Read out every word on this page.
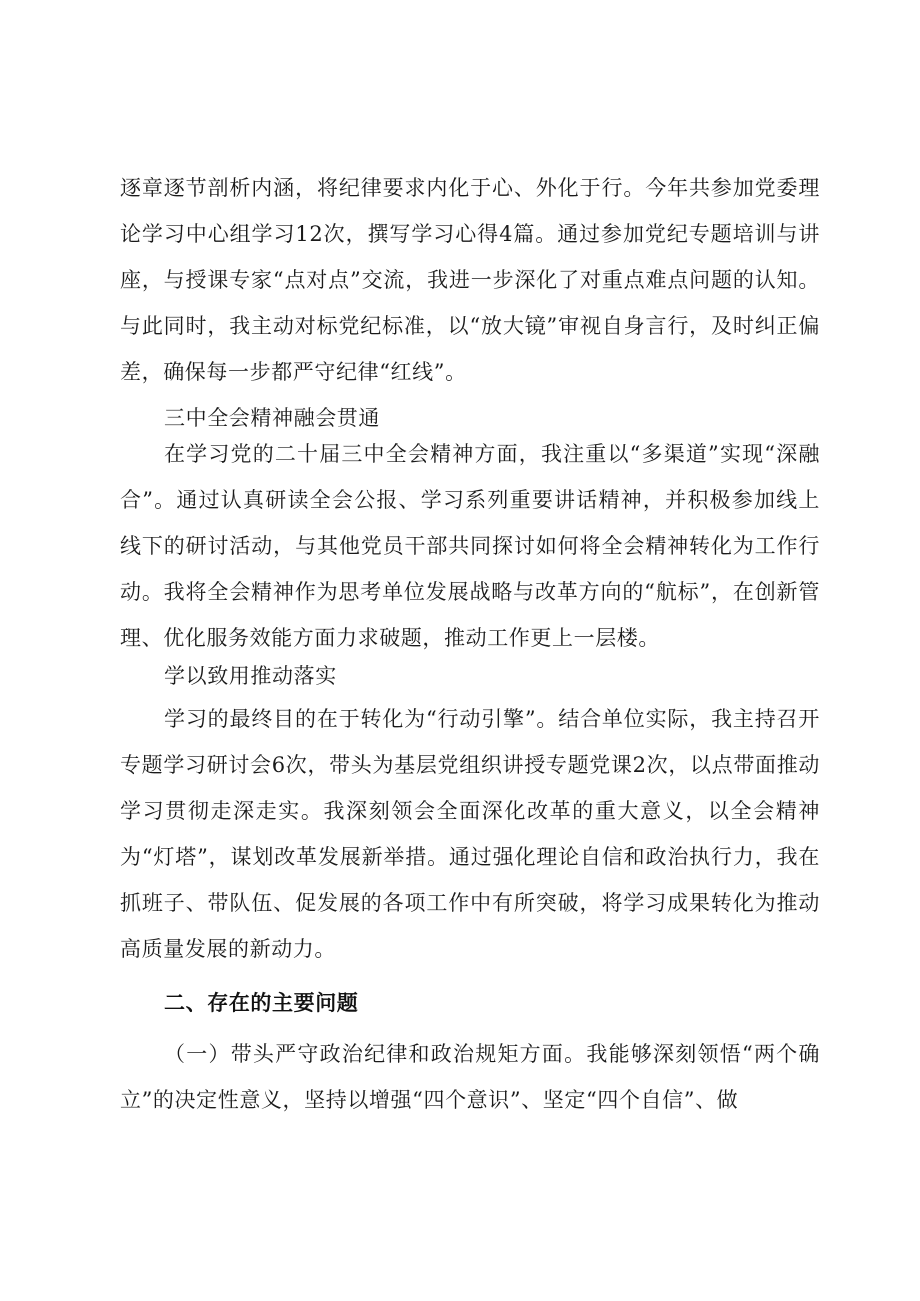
逐章逐节剖析内涵，将纪律要求内化于心、外化于行。今年共参加党委理论学习中心组学习12次，撰写学习心得4篇。通过参加党纪专题培训与讲座，与授课专家“点对点”交流，我进一步深化了对重点难点问题的认知。与此同时，我主动对标党纪标准，以“放大镜”审视自身言行，及时纠正偏差，确保每一步都严守纪律“红线”。

三中全会精神融会贯通

在学习党的二十届三中全会精神方面，我注重以“多渠道”实现“深融合”。通过认真研读全会公报、学习系列重要讲话精神，并积极参加线上线下的研讨活动，与其他党员干部共同探讨如何将全会精神转化为工作行动。我将全会精神作为思考单位发展战略与改革方向的“航标”，在创新管理、优化服务效能方面力求破题，推动工作更上一层楼。

学以致用推动落实

学习的最终目的在于转化为“行动引擎”。结合单位实际，我主持召开专题学习研讨会6次，带头为基层党组织讲授专题党课2次，以点带面推动学习贯彻走深走实。我深刻领会全面深化改革的重大意义，以全会精神为“灯塔”，谋划改革发展新举措。通过强化理论自信和政治执行力，我在抓班子、带队伍、促发展的各项工作中有所突破，将学习成果转化为推动高质量发展的新动力。

二、存在的主要问题

（一）带头严守政治纪律和政治规矩方面。我能够深刻领悟“两个确立”的决定性意义，坚持以增强“四个意识”、坚定“四个自信”、做
